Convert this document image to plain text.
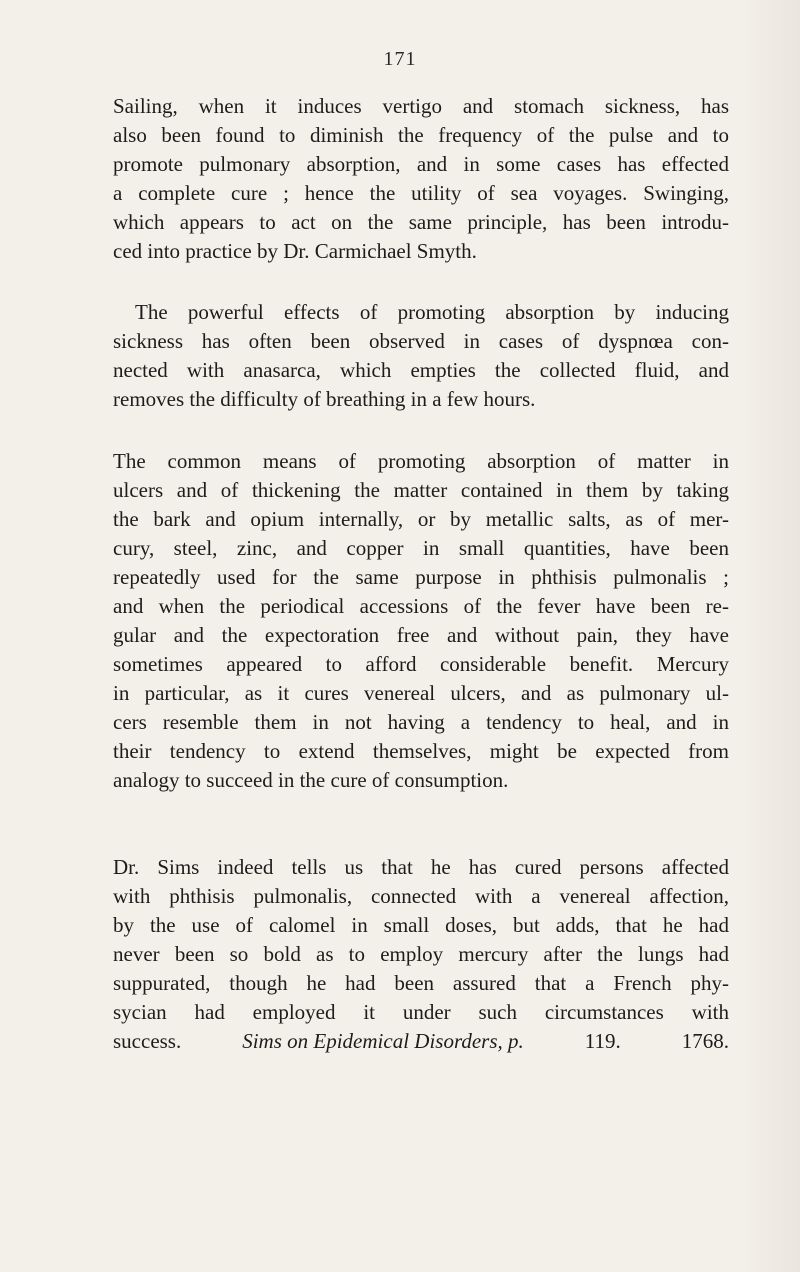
171
Sailing, when it induces vertigo and stomach sickness, has
also been found to diminish the frequency of the pulse and to
promote pulmonary absorption, and in some cases has effected
a complete cure ; hence the utility of sea voyages. Swinging,
which appears to act on the same principle, has been introdu-
ced into practice by Dr. Carmichael Smyth.
The powerful effects of promoting absorption by inducing
sickness has often been observed in cases of dyspnœa con-
nected with anasarca, which empties the collected fluid, and
removes the difficulty of breathing in a few hours.
The common means of promoting absorption of matter in
ulcers and of thickening the matter contained in them by taking
the bark and opium internally, or by metallic salts, as of mer-
cury, steel, zinc, and copper in small quantities, have been
repeatedly used for the same purpose in phthisis pulmonalis ;
and when the periodical accessions of the fever have been re-
gular and the expectoration free and without pain, they have
sometimes appeared to afford considerable benefit. Mercury
in particular, as it cures venereal ulcers, and as pulmonary ul-
cers resemble them in not having a tendency to heal, and in
their tendency to extend themselves, might be expected from
analogy to succeed in the cure of consumption.
Dr. Sims indeed tells us that he has cured persons affected
with phthisis pulmonalis, connected with a venereal affection,
by the use of calomel in small doses, but adds, that he had
never been so bold as to employ mercury after the lungs had
suppurated, though he had been assured that a French phy-
sycian had employed it under such circumstances with
success.	Sims on Epidemical Disorders, p.	119.	1768.
